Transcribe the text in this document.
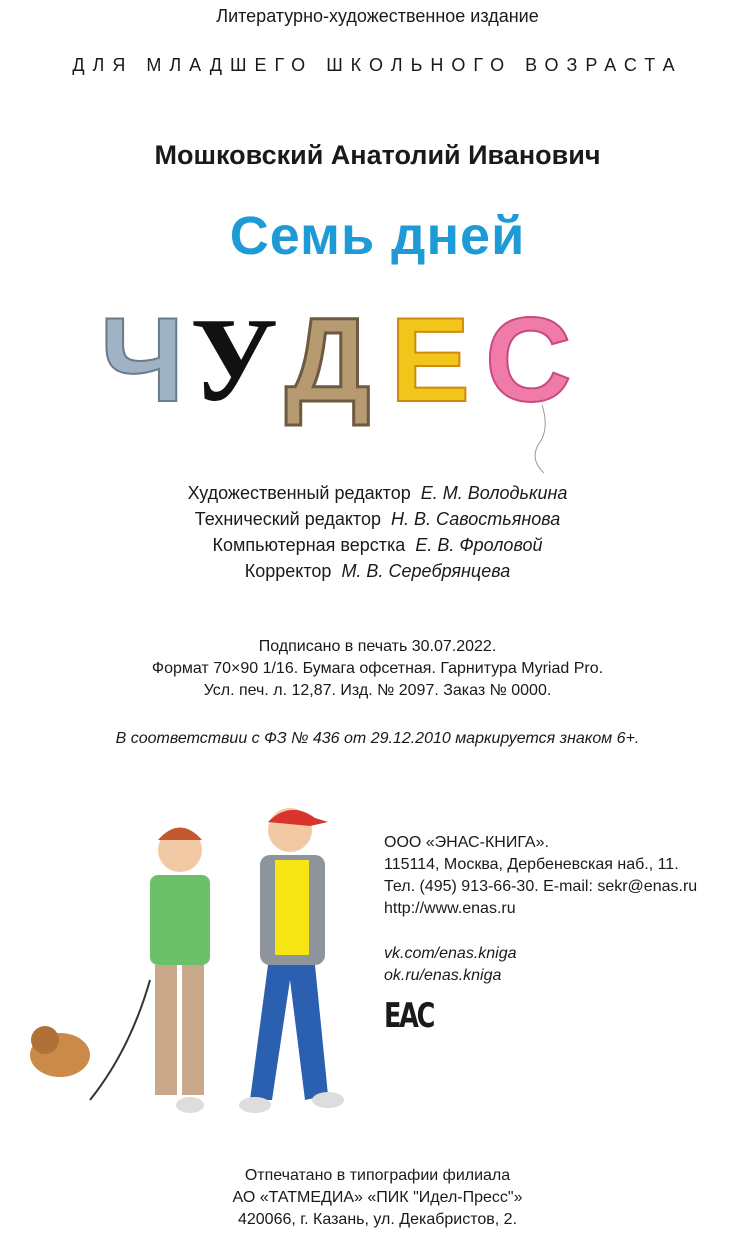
Литературно-художественное издание
ДЛЯ МЛАДШЕГО ШКОЛЬНОГО ВОЗРАСТА
Мошковский Анатолий Иванович
Семь дней
Ч У Д Е С
Художественный редактор Е. М. Володькина
Технический редактор Н. В. Савостьянова
Компьютерная верстка Е. В. Фроловой
Корректор М. В. Серебрянцева
Подписано в печать 30.07.2022.
Формат 70×90 1/16. Бумага офсетная. Гарнитура Myriad Pro.
Усл. печ. л. 12,87. Изд. № 2097. Заказ № 0000.
В соответствии с ФЗ № 436 от 29.12.2010 маркируется знаком 6+.
ООО «ЭНАС-КНИГА».
115114, Москва, Дербеневская наб., 11.
Тел. (495) 913-66-30. E-mail: sekr@enas.ru
http://www.enas.ru
vk.com/enas.kniga
ok.ru/enas.kniga
ЕАС
Отпечатано в типографии филиала
АО «ТАТМЕДИА» «ПИК "Идел-Пресс"»
420066, г. Казань, ул. Декабристов, 2.
